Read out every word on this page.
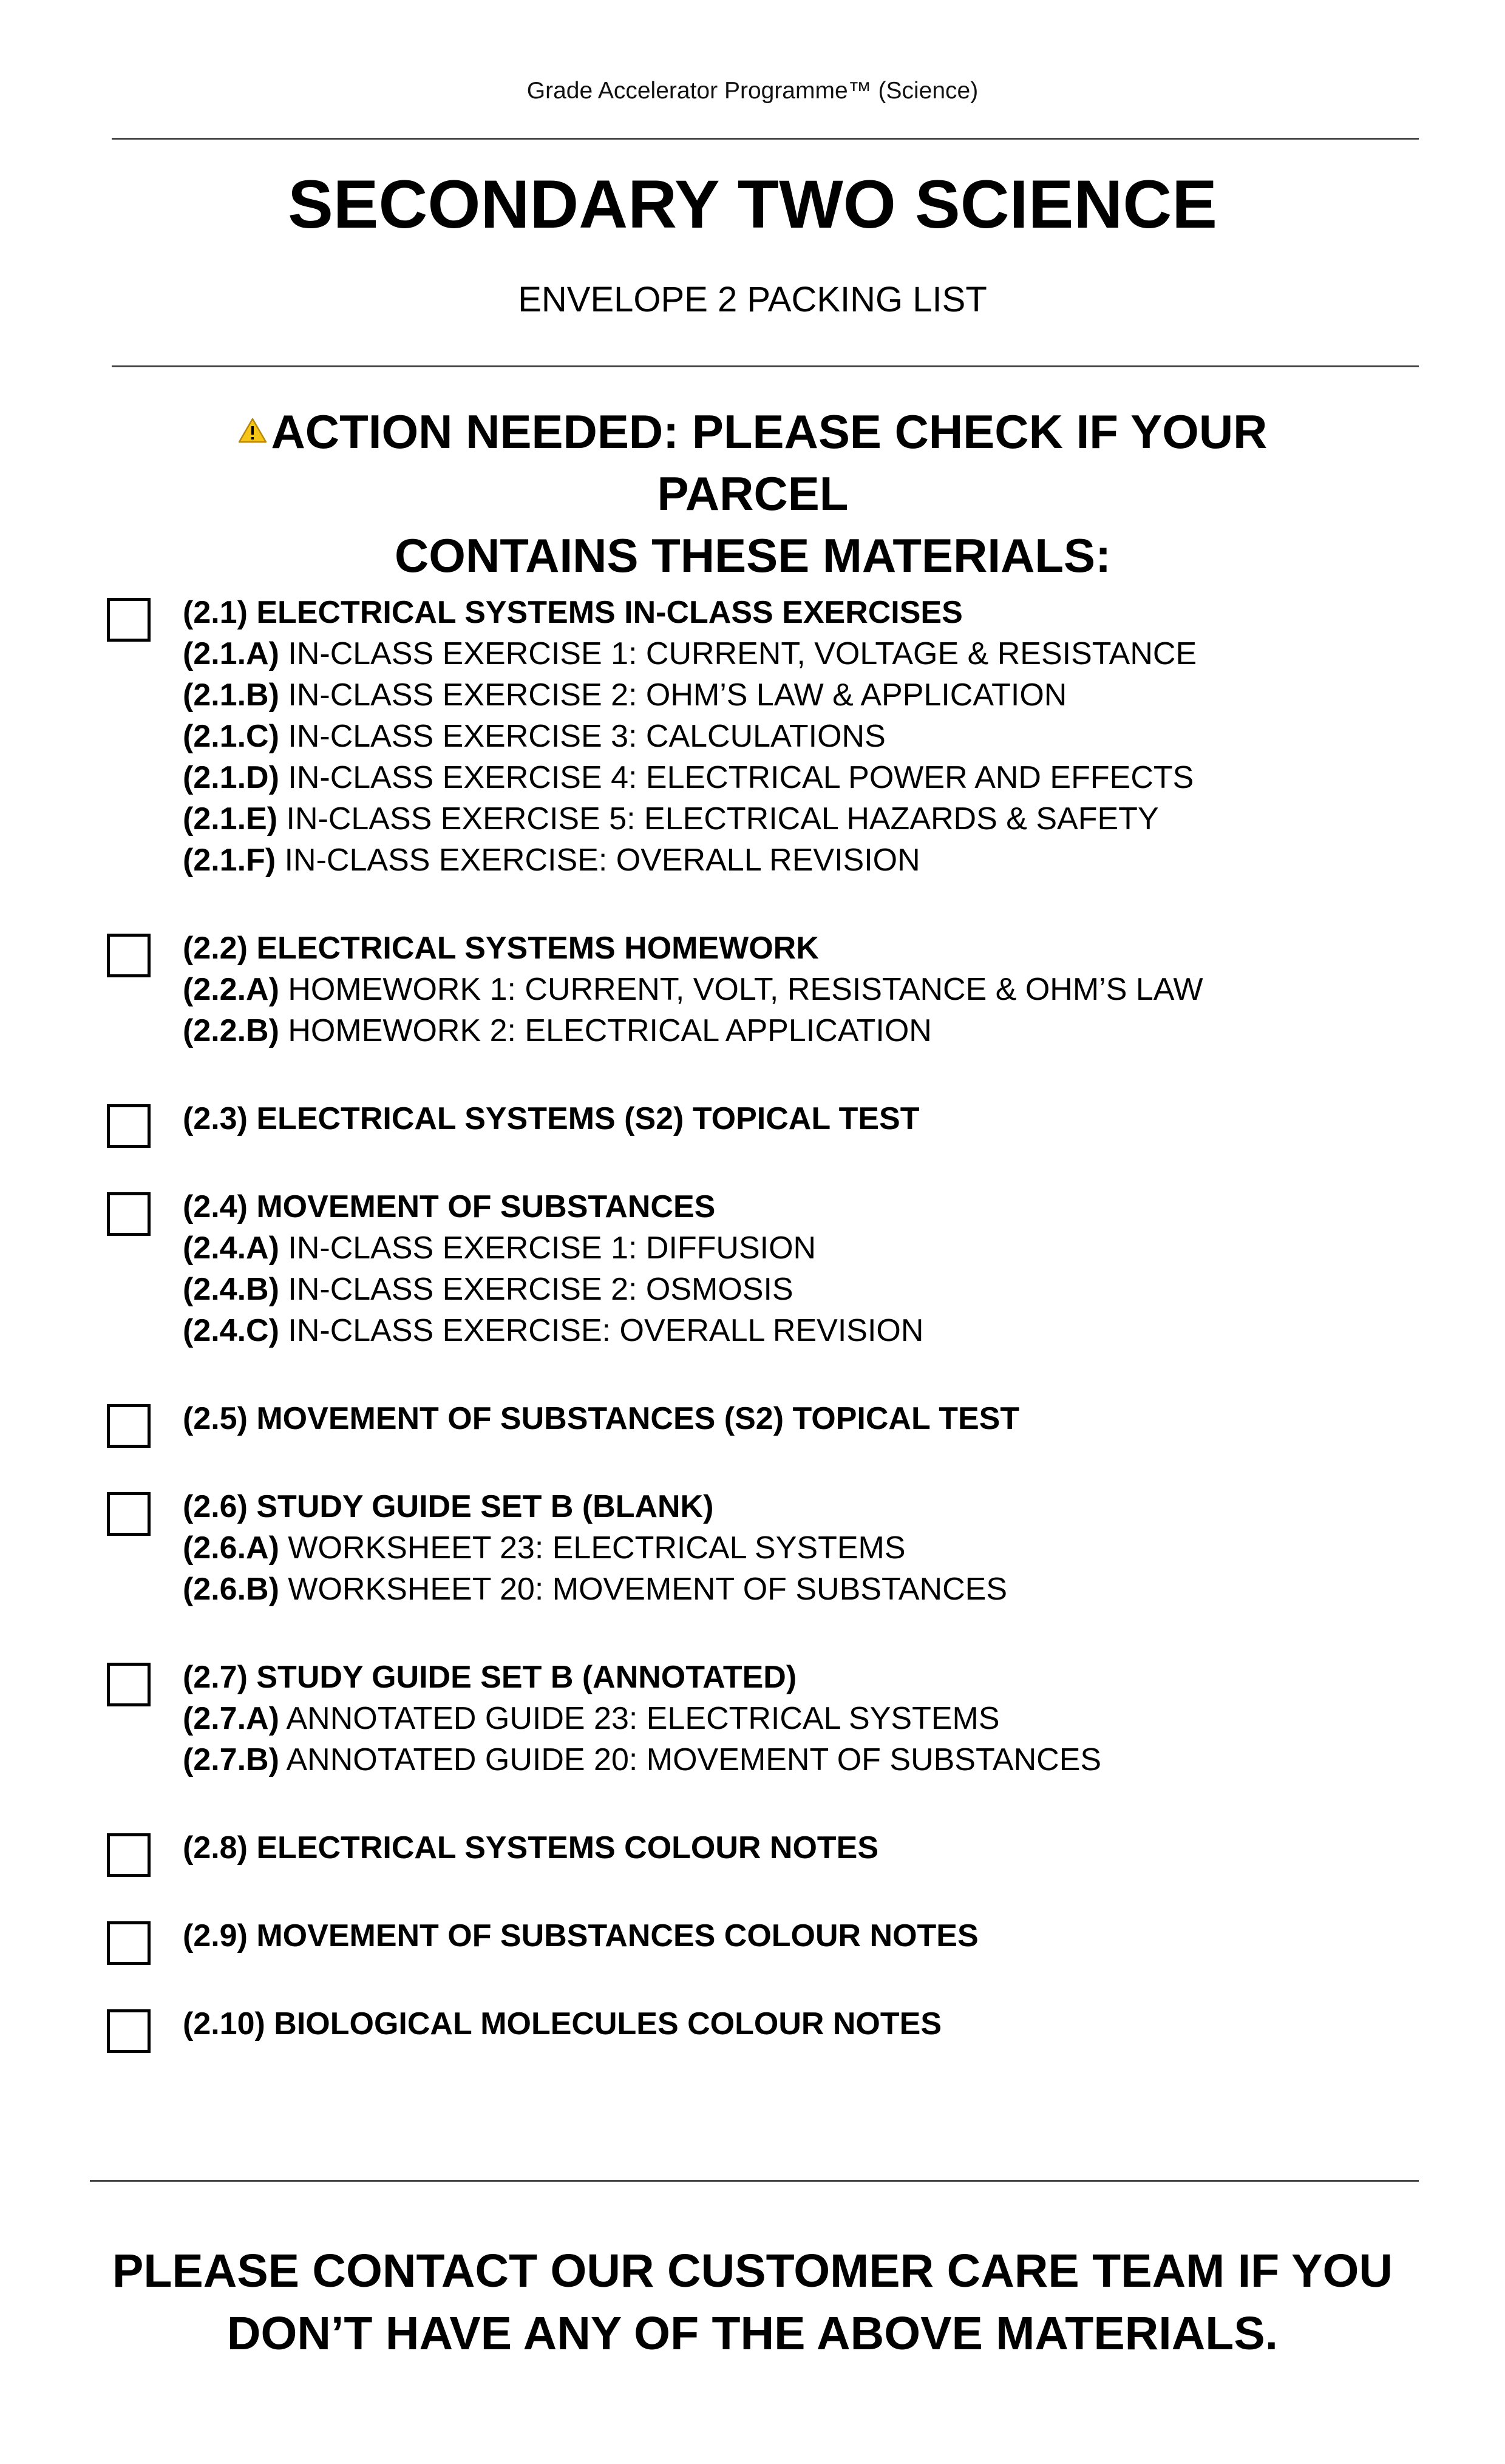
Grade Accelerator Programme™ (Science)
SECONDARY TWO SCIENCE
ENVELOPE 2 PACKING LIST
ACTION NEEDED: PLEASE CHECK IF YOUR PARCEL
CONTAINS THESE MATERIALS:
(2.1) ELECTRICAL SYSTEMS IN-CLASS EXERCISES
(2.1.A) IN-CLASS EXERCISE 1: CURRENT, VOLTAGE & RESISTANCE
(2.1.B) IN-CLASS EXERCISE 2: OHM’S LAW & APPLICATION
(2.1.C) IN-CLASS EXERCISE 3: CALCULATIONS
(2.1.D) IN-CLASS EXERCISE 4: ELECTRICAL POWER AND EFFECTS
(2.1.E) IN-CLASS EXERCISE 5: ELECTRICAL HAZARDS & SAFETY
(2.1.F) IN-CLASS EXERCISE: OVERALL REVISION
(2.2) ELECTRICAL SYSTEMS HOMEWORK
(2.2.A) HOMEWORK 1: CURRENT, VOLT, RESISTANCE & OHM’S LAW
(2.2.B) HOMEWORK 2: ELECTRICAL APPLICATION
(2.3) ELECTRICAL SYSTEMS (S2) TOPICAL TEST
(2.4) MOVEMENT OF SUBSTANCES
(2.4.A) IN-CLASS EXERCISE 1: DIFFUSION
(2.4.B) IN-CLASS EXERCISE 2: OSMOSIS
(2.4.C) IN-CLASS EXERCISE: OVERALL REVISION
(2.5) MOVEMENT OF SUBSTANCES (S2) TOPICAL TEST
(2.6) STUDY GUIDE SET B (BLANK)
(2.6.A) WORKSHEET 23: ELECTRICAL SYSTEMS
(2.6.B) WORKSHEET 20: MOVEMENT OF SUBSTANCES
(2.7) STUDY GUIDE SET B (ANNOTATED)
(2.7.A) ANNOTATED GUIDE 23: ELECTRICAL SYSTEMS
(2.7.B) ANNOTATED GUIDE 20: MOVEMENT OF SUBSTANCES
(2.8) ELECTRICAL SYSTEMS COLOUR NOTES
(2.9) MOVEMENT OF SUBSTANCES COLOUR NOTES
(2.10) BIOLOGICAL MOLECULES COLOUR NOTES
PLEASE CONTACT OUR CUSTOMER CARE TEAM IF YOU
DON’T HAVE ANY OF THE ABOVE MATERIALS.
